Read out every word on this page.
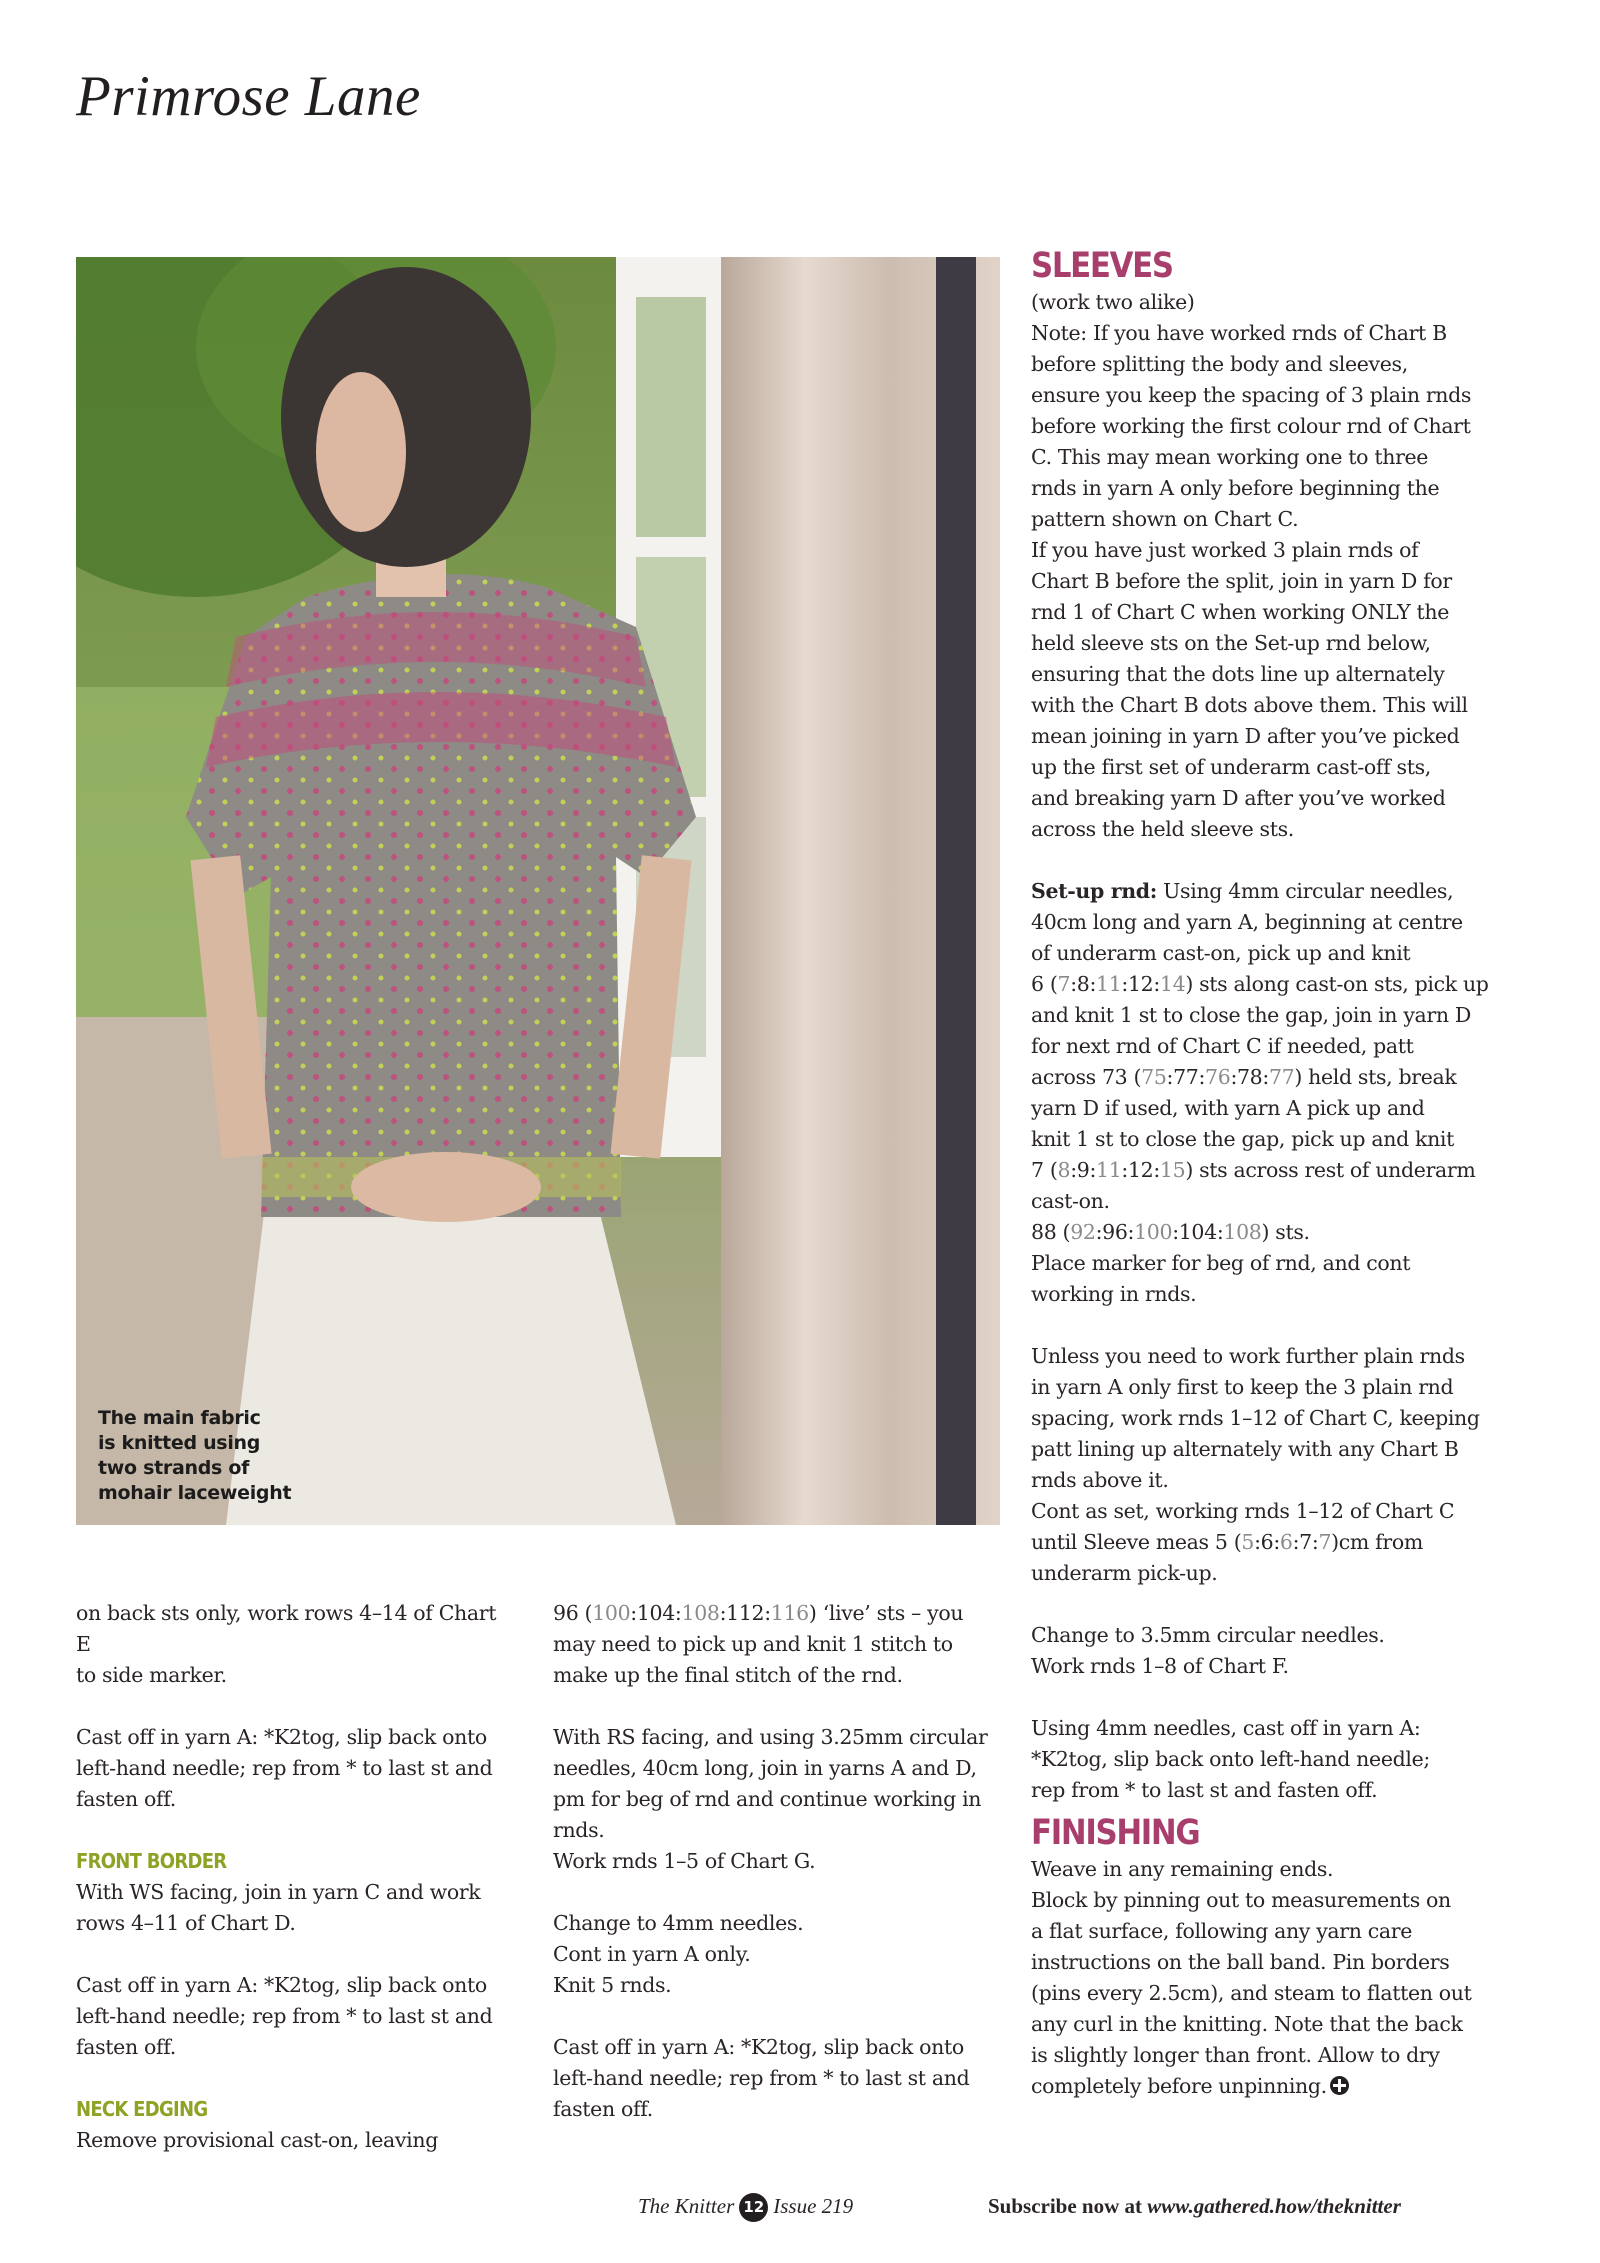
Primrose Lane
The main fabric
is knitted using
two strands of
mohair laceweight

on back sts only, work rows 4–14 of Chart E
to side marker.

Cast off in yarn A: *K2tog, slip back onto
left-hand needle; rep from * to last st and
fasten off.

FRONT BORDER

With WS facing, join in yarn C and work
rows 4–11 of Chart D.

Cast off in yarn A: *K2tog, slip back onto
left-hand needle; rep from * to last st and
fasten off.

NECK EDGING

Remove provisional cast-on, leaving

96 (100:104:108:112:116) ‘live’ sts – you
may need to pick up and knit 1 stitch to
make up the final stitch of the rnd.

With RS facing, and using 3.25mm circular
needles, 40cm long, join in yarns A and D,
pm for beg of rnd and continue working in
rnds.
Work rnds 1–5 of Chart G.

Change to 4mm needles.
Cont in yarn A only.
Knit 5 rnds.

Cast off in yarn A: *K2tog, slip back onto
left-hand needle; rep from * to last st and
fasten off.

SLEEVES

(work two alike)
Note: If you have worked rnds of Chart B
before splitting the body and sleeves,
ensure you keep the spacing of 3 plain rnds
before working the first colour rnd of Chart
C. This may mean working one to three
rnds in yarn A only before beginning the
pattern shown on Chart C.
If you have just worked 3 plain rnds of
Chart B before the split, join in yarn D for
rnd 1 of Chart C when working ONLY the
held sleeve sts on the Set-up rnd below,
ensuring that the dots line up alternately
with the Chart B dots above them. This will
mean joining in yarn D after you’ve picked
up the first set of underarm cast-off sts,
and breaking yarn D after you’ve worked
across the held sleeve sts.

Set-up rnd: Using 4mm circular needles,
40cm long and yarn A, beginning at centre
of underarm cast-on, pick up and knit
6 (7:8:11:12:14) sts along cast-on sts, pick up
and knit 1 st to close the gap, join in yarn D
for next rnd of Chart C if needed, patt
across 73 (75:77:76:78:77) held sts, break
yarn D if used, with yarn A pick up and
knit 1 st to close the gap, pick up and knit
7 (8:9:11:12:15) sts across rest of underarm
cast-on.
88 (92:96:100:104:108) sts.
Place marker for beg of rnd, and cont
working in rnds.

Unless you need to work further plain rnds
in yarn A only first to keep the 3 plain rnd
spacing, work rnds 1–12 of Chart C, keeping
patt lining up alternately with any Chart B
rnds above it.
Cont as set, working rnds 1–12 of Chart C
until Sleeve meas 5 (5:6:6:7:7)cm from
underarm pick-up.

Change to 3.5mm circular needles.
Work rnds 1–8 of Chart F.

Using 4mm needles, cast off in yarn A:
*K2tog, slip back onto left-hand needle;
rep from * to last st and fasten off.

FINISHING

Weave in any remaining ends.
Block by pinning out to measurements on
a flat surface, following any yarn care
instructions on the ball band. Pin borders
(pins every 2.5cm), and steam to flatten out
any curl in the knitting. Note that the back
is slightly longer than front. Allow to dry
completely before unpinning.

The Knitter 12 Issue 219	Subscribe now at www.gathered.how/theknitter
